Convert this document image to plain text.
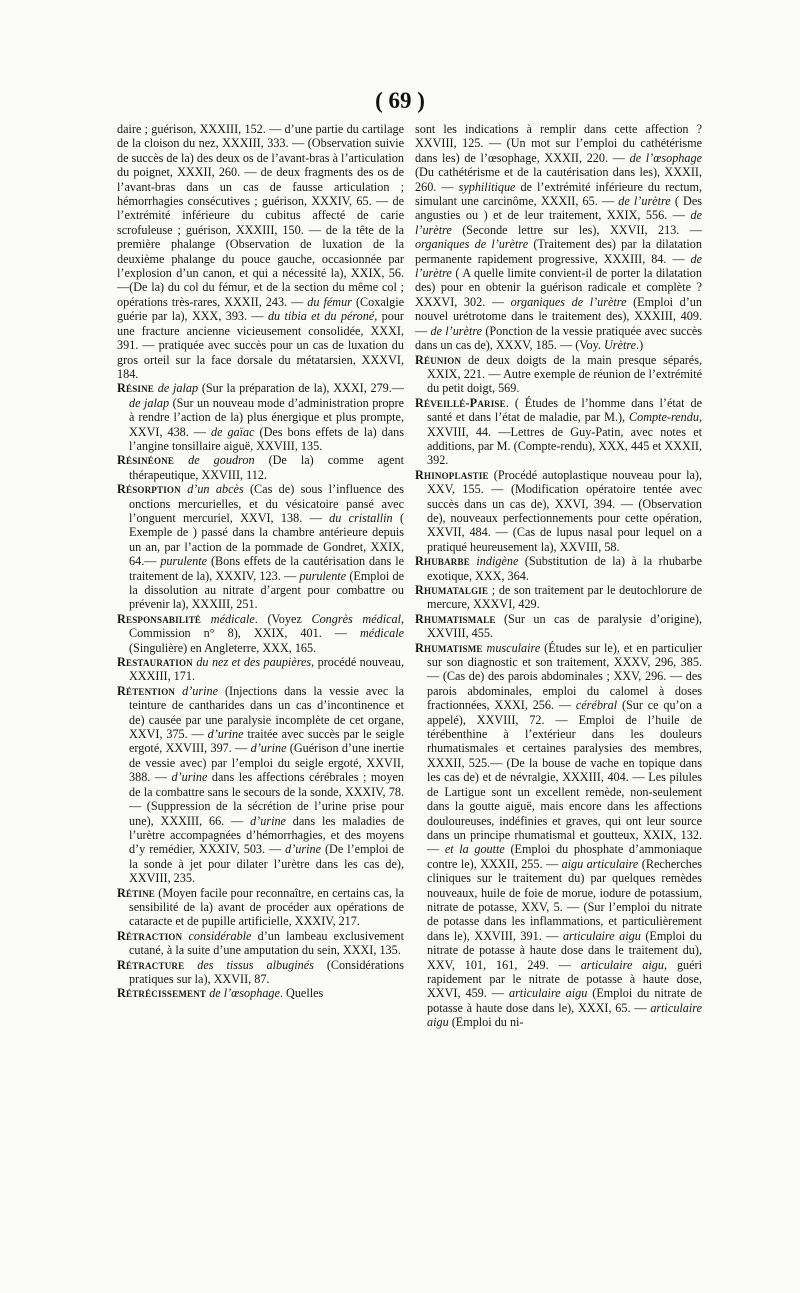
( 69 )

daire ; guérison, XXXIII, 152. — d’une partie du cartilage de la cloison du nez, XXXIII, 333. — (Observation suivie de succès de la) des deux os de l’avant-bras à l’articulation du poignet, XXXII, 260. — de deux fragments des os de l’avant-bras dans un cas de fausse articulation ; hémorrhagies consécutives ; guérison, XXXIV, 65. — de l’extrémité inférieure du cubitus affecté de carie scrofuleuse ; guérison, XXXIII, 150. — de la tête de la première phalange (Observation de luxation de la deuxième phalange du pouce gauche, occasionnée par l’explosion d’un canon, et qui a nécessité la), XXIX, 56.—(De la) du col du fémur, et de la section du même col ; opérations très-rares, XXXII, 243. — du fémur (Coxalgie guérie par la), XXX, 393. — du tibia et du péroné, pour une fracture ancienne vicieusement consolidée, XXXI, 391. — pratiquée avec succès pour un cas de luxation du gros orteil sur la face dorsale du métatarsien, XXXVI, 184.

Résine de jalap (Sur la préparation de la), XXXI, 279.—de jalap (Sur un nouveau mode d’administration propre à rendre l’action de la) plus énergique et plus prompte, XXVI, 438. — de gaïac (Des bons effets de la) dans l’angine tonsillaire aiguë, XXVIII, 135.

Résinéone de goudron (De la) comme agent thérapeutique, XXVIII, 112.

Résorption d’un abcès (Cas de) sous l’influence des onctions mercurielles, et du vésicatoire pansé avec l’onguent mercuriel, XXVI, 138. — du cristallin ( Exemple de ) passé dans la chambre antérieure depuis un an, par l’action de la pommade de Gondret, XXIX, 64.— purulente (Bons effets de la cautérisation dans le traitement de la), XXXIV, 123. — purulente (Emploi de la dissolution au nitrate d’argent pour combattre ou prévenir la), XXXIII, 251.

Responsabilité médicale. (Voyez Congrès médical, Commission n° 8), XXIX, 401. — médicale (Singulière) en Angleterre, XXX, 165.

Restauration du nez et des paupières, procédé nouveau, XXXIII, 171.

Rétention d’urine (Injections dans la vessie avec la teinture de cantharides dans un cas d’incontinence et de) causée par une paralysie incomplète de cet organe, XXVI, 375. — d’urine traitée avec succès par le seigle ergoté, XXVIII, 397. — d’urine (Guérison d’une inertie de vessie avec) par l’emploi du seigle ergoté, XXVII, 388. — d’urine dans les affections cérébrales ; moyen de la combattre sans le secours de la sonde, XXXIV, 78. — (Suppression de la sécrétion de l’urine prise pour une), XXXIII, 66. — d’urine dans les maladies de l’urètre accompagnées d’hémorrhagies, et des moyens d’y remédier, XXXIV, 503. — d’urine (De l’emploi de la sonde à jet pour dilater l’urètre dans les cas de), XXVIII, 235.

Rétine (Moyen facile pour reconnaître, en certains cas, la sensibilité de la) avant de procéder aux opérations de cataracte et de pupille artificielle, XXXIV, 217.

Rétraction considérable d’un lambeau exclusivement cutané, à la suite d’une amputation du sein, XXXI, 135.

Rétracture des tissus albuginés (Considérations pratiques sur la), XXVII, 87.

Rétrécissement de l’œsophage. Quelles

sont les indications à remplir dans cette affection ? XXVIII, 125. — (Un mot sur l’emploi du cathétérisme dans les) de l’œsophage, XXXII, 220. — de l’œsophage (Du cathétérisme et de la cautérisation dans les), XXXII, 260. — syphilitique de l’extrémité inférieure du rectum, simulant une carcinôme, XXXII, 65. — de l’urètre ( Des angusties ou ) et de leur traitement, XXIX, 556. — de l’urètre (Seconde lettre sur les), XXVII, 213. — organiques de l’urètre (Traitement des) par la dilatation permanente rapidement progressive, XXXIII, 84. — de l’urètre ( A quelle limite convient-il de porter la dilatation des) pour en obtenir la guérison radicale et complète ? XXXVI, 302. — organiques de l’urètre (Emploi d’un nouvel urétrotome dans le traitement des), XXXIII, 409. — de l’urètre (Ponction de la vessie pratiquée avec succès dans un cas de), XXXV, 185. — (Voy. Urètre.)

Réunion de deux doigts de la main presque séparés, XXIX, 221. — Autre exemple de réunion de l’extrémité du petit doigt, 569.

Réveillé-Parise. ( Études de l’homme dans l’état de santé et dans l’état de maladie, par M.), Compte-rendu, XXVIII, 44. —Lettres de Guy-Patin, avec notes et additions, par M. (Compte-rendu), XXX, 445 et XXXII, 392.

Rhinoplastie (Procédé autoplastique nouveau pour la), XXV, 155. — (Modification opératoire tentée avec succès dans un cas de), XXVI, 394. — (Observation de), nouveaux perfectionnements pour cette opération, XXVII, 484. — (Cas de lupus nasal pour lequel on a pratiqué heureusement la), XXVIII, 58.

Rhubarbe indigène (Substitution de la) à la rhubarbe exotique, XXX, 364.

Rhumatalgie ; de son traitement par le deutochlorure de mercure, XXXVI, 429.

Rhumatismale (Sur un cas de paralysie d’origine), XXVIII, 455.

Rhumatisme musculaire (Études sur le), et en particulier sur son diagnostic et son traitement, XXXV, 296, 385. — (Cas de) des parois abdominales ; XXV, 296. — des parois abdominales, emploi du calomel à doses fractionnées, XXXI, 256. — cérébral (Sur ce qu’on a appelé), XXVIII, 72. — Emploi de l’huile de térébenthine à l’extérieur dans les douleurs rhumatismales et certaines paralysies des membres, XXXII, 525.— (De la bouse de vache en topique dans les cas de) et de névralgie, XXXIII, 404. — Les pilules de Lartigue sont un excellent remède, non-seulement dans la goutte aiguë, mais encore dans les affections douloureuses, indéfinies et graves, qui ont leur source dans un principe rhumatismal et goutteux, XXIX, 132. — et la goutte (Emploi du phosphate d’ammoniaque contre le), XXXII, 255. — aigu articulaire (Recherches cliniques sur le traitement du) par quelques remèdes nouveaux, huile de foie de morue, iodure de potassium, nitrate de potasse, XXV, 5. — (Sur l’emploi du nitrate de potasse dans les inflammations, et particulièrement dans le), XXVIII, 391. — articulaire aigu (Emploi du nitrate de potasse à haute dose dans le traitement du), XXV, 101, 161, 249. — articulaire aigu, guéri rapidement par le nitrate de potasse à haute dose, XXVI, 459. — articulaire aigu (Emploi du nitrate de potasse à haute dose dans le), XXXI, 65. — articulaire aigu (Emploi du ni-
